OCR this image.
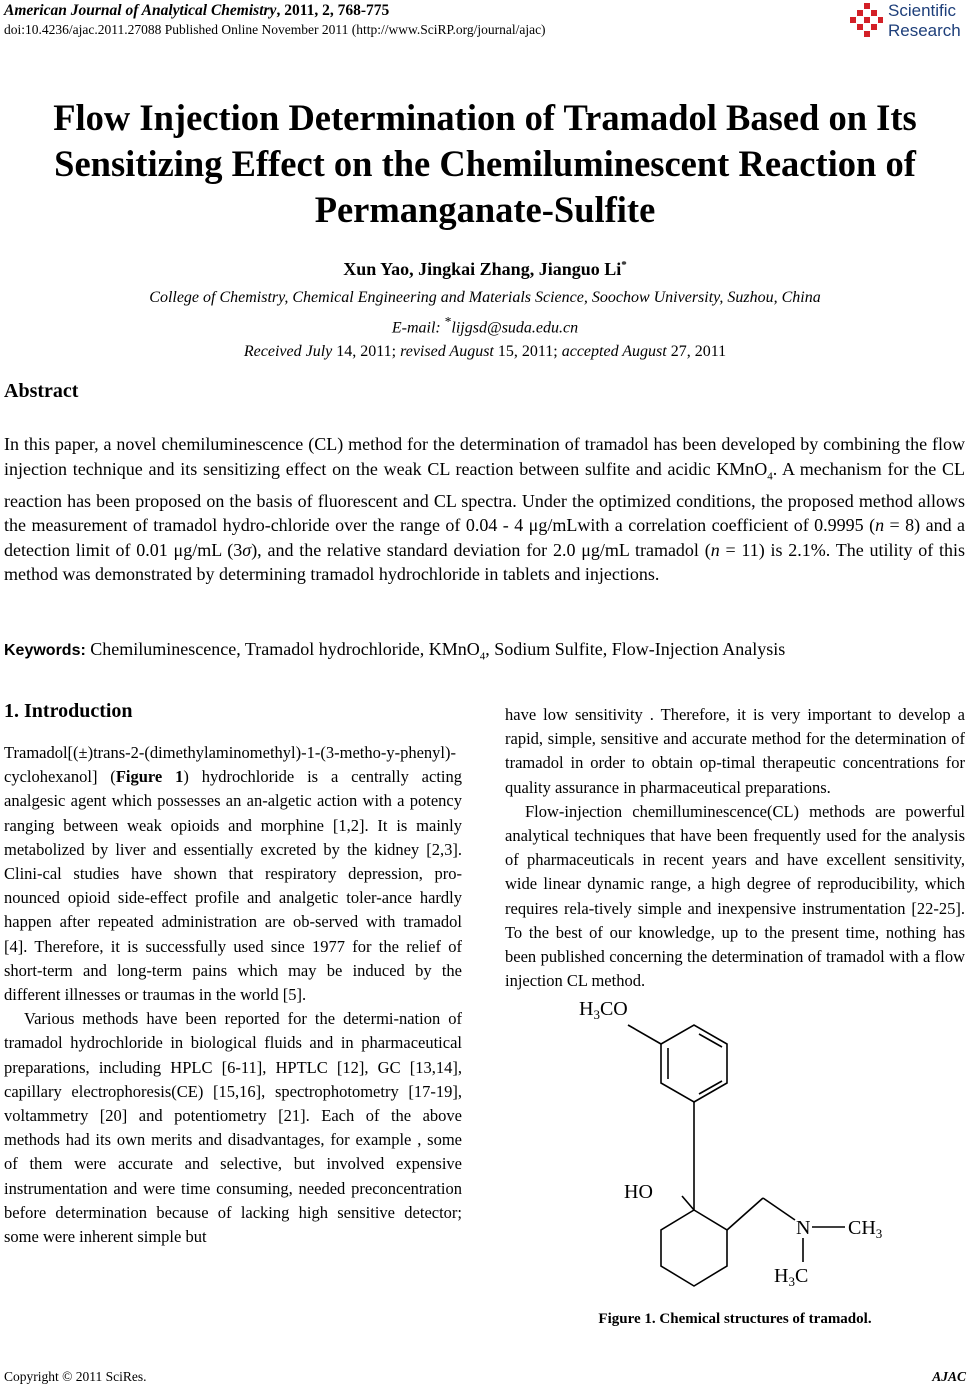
American Journal of Analytical Chemistry, 2011, 2, 768-775
doi:10.4236/ajac.2011.27088 Published Online November 2011 (http://www.SciRP.org/journal/ajac)
Scientific
Research
Flow Injection Determination of Tramadol Based on Its
Sensitizing Effect on the Chemiluminescent Reaction of
Permanganate-Sulfite
Xun Yao, Jingkai Zhang, Jianguo Li*
College of Chemistry, Chemical Engineering and Materials Science, Soochow University, Suzhou, China
E-mail: *lijgsd@suda.edu.cn
Received July 14, 2011; revised August 15, 2011; accepted August 27, 2011
Abstract

In this paper, a novel chemiluminescence (CL) method for the determination of tramadol has been developed by combining the flow injection technique and its sensitizing effect on the weak CL reaction between sulfite and acidic KMnO$_4$. A mechanism for the CL reaction has been proposed on the basis of fluorescent and CL spectra. Under the optimized conditions, the proposed method allows the measurement of tramadol hydro-chloride over the range of 0.04 - 4 μg/mLwith a correlation coefficient of 0.9995 (n = 8) and a detection limit of 0.01 μg/mL (3σ), and the relative standard deviation for 2.0 μg/mL tramadol (n = 11) is 2.1%. The utility of this method was demonstrated by determining tramadol hydrochloride in tablets and injections.

Keywords: Chemiluminescence, Tramadol hydrochloride, KMnO$_4$, Sodium Sulfite, Flow-Injection Analysis
1. Introduction

Tramadol[(±)trans-2-(dimethylaminomethyl)-1-(3-metho-y-phenyl)-cyclohexanol] (Figure 1) hydrochloride is a centrally acting analgesic agent which possesses an an-algetic action with a potency ranging between weak opioids and morphine [1,2]. It is mainly metabolized by liver and essentially excreted by the kidney [2,3]. Clini-cal studies have shown that respiratory depression, pro-nounced opioid side-effect profile and analgetic toler-ance hardly happen after repeated administration are ob-served with tramadol [4]. Therefore, it is successfully used since 1977 for the relief of short-term and long-term pains which may be induced by the different illnesses or traumas in the world [5].

Various methods have been reported for the determi-nation of tramadol hydrochloride in biological fluids and in pharmaceutical preparations, including HPLC [6-11], HPTLC [12], GC [13,14], capillary electrophoresis(CE) [15,16], spectrophotometry [17-19], voltammetry [20] and potentiometry [21]. Each of the above methods had its own merits and disadvantages, for example , some of them were accurate and selective, but involved expensive instrumentation and were time consuming, needed preconcentration before determination because of lacking high sensitive detector; some were inherent simple but

have low sensitivity . Therefore, it is very important to develop a rapid, simple, sensitive and accurate method for the determination of tramadol in order to obtain op-timal therapeutic concentrations for quality assurance in pharmaceutical preparations.

Flow-injection chemilluminescence(CL) methods are powerful analytical techniques that have been frequently used for the analysis of pharmaceuticals in recent years and have excellent sensitivity, wide linear dynamic range, a high degree of reproducibility, which requires rela-tively simple and inexpensive instrumentation [22-25]. To the best of our knowledge, up to the present time, nothing has been published concerning the determination of tramadol with a flow injection CL method.

$H_3CO$
HO
N $CH_3$
$H_3C$
Figure 1. Chemical structures of tramadol.
Copyright © 2011 SciRes.	AJAC
